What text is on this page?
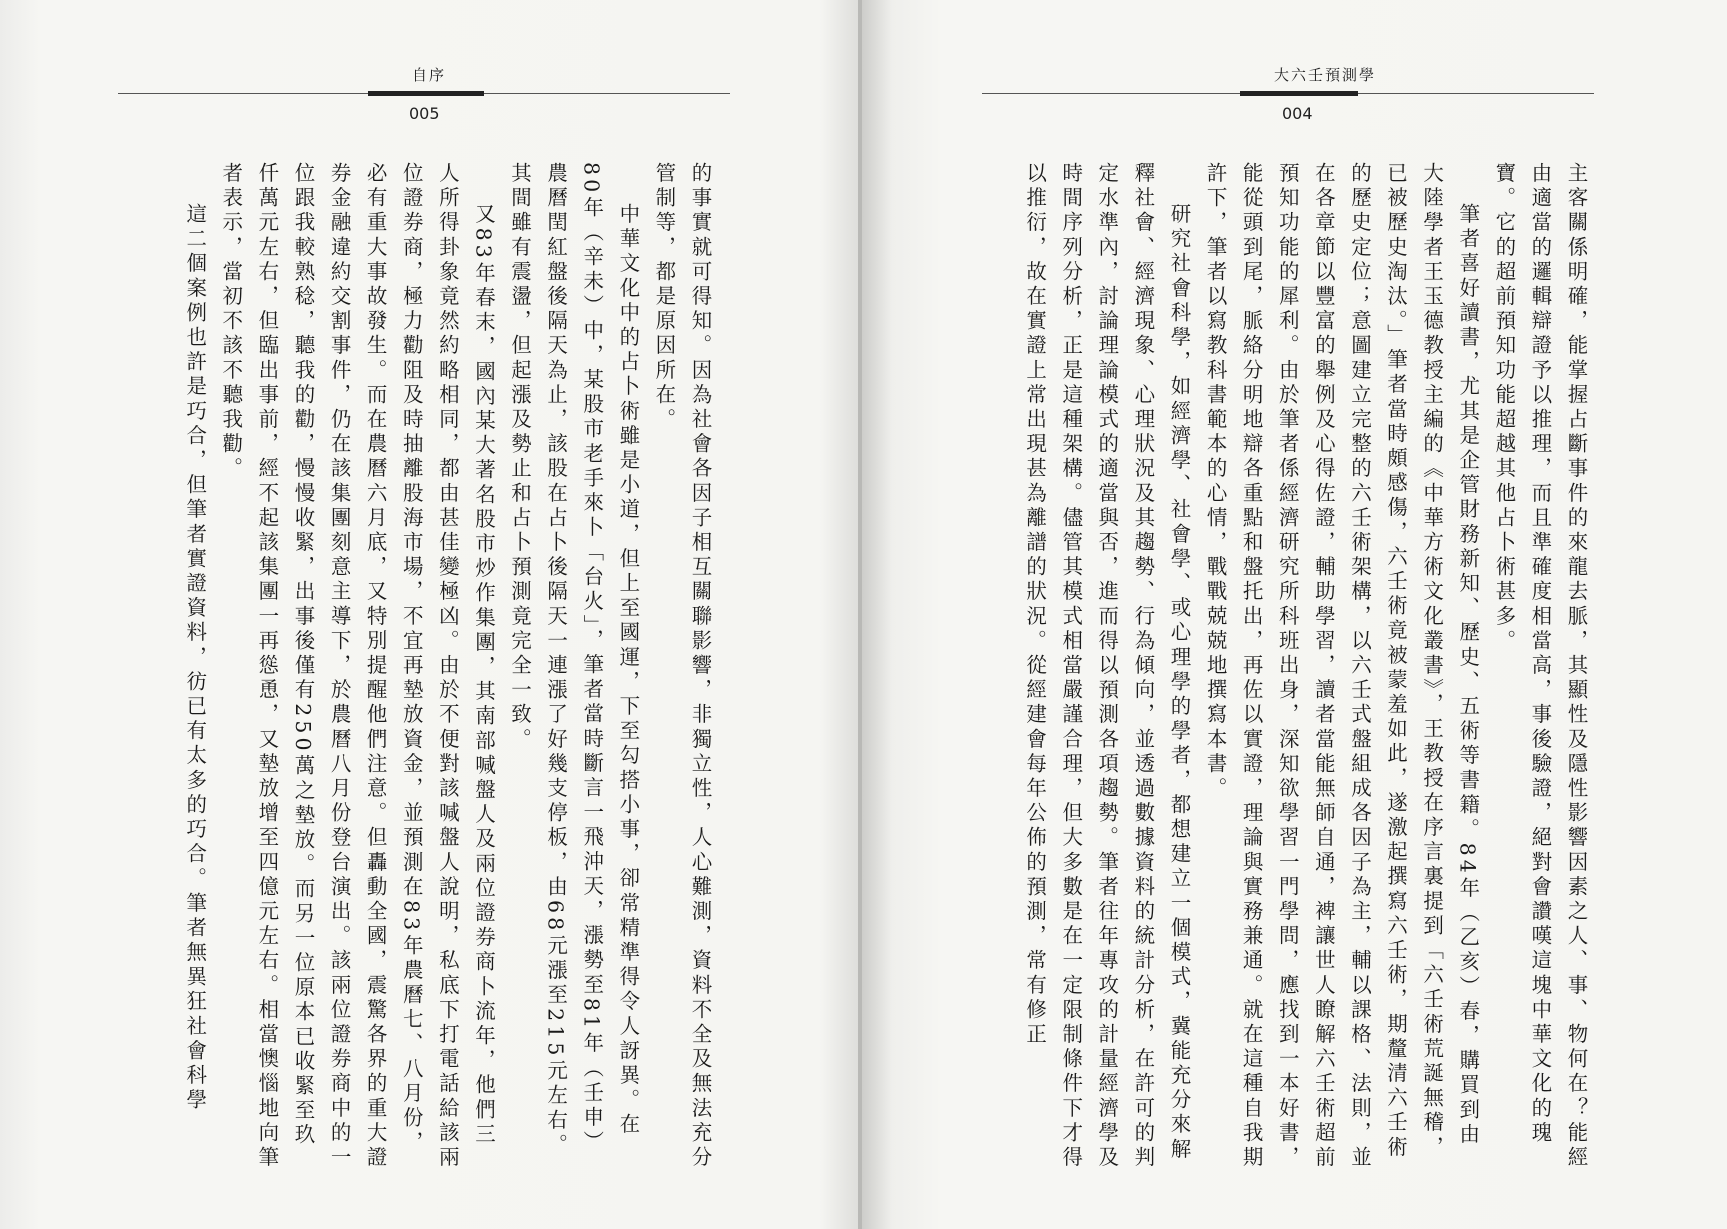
自序
005

的事實就可得知。因為社會各因子相互關聯影響，非獨立性，人心難測，資料不全及無法充分管制等，都是原因所在。

中華文化中的占卜術雖是小道，但上至國運，下至勾搭小事，卻常精準得令人訝異。在80年（辛未）中，某股市老手來卜「台火」，筆者當時斷言一飛沖天，漲勢至81年（壬申）農曆閏紅盤後隔天為止，該股在占卜後隔天一連漲了好幾支停板，由68元漲至215元左右。其間雖有震盪，但起漲及勢止和占卜預測竟完全一致。

又83年春末，國內某大著名股市炒作集團，其南部喊盤人及兩位證券商卜流年，他們三人所得卦象竟然約略相同，都由甚佳變極凶。由於不便對該喊盤人說明，私底下打電話給該兩位證券商，極力勸阻及時抽離股海市場，不宜再墊放資金，並預測在83年農曆七、八月份，必有重大事故發生。而在農曆六月底，又特別提醒他們注意。但轟動全國，震驚各界的重大證券金融違約交割事件，仍在該集團刻意主導下，於農曆八月份登台演出。該兩位證券商中的一位跟我較熟稔，聽我的勸，慢慢收緊，出事後僅有250萬之墊放。而另一位原本已收緊至玖仟萬元左右，但臨出事前，經不起該集團一再慫恿，又墊放增至四億元左右。相當懊惱地向筆者表示，當初不該不聽我勸。

這二個案例也許是巧合，但筆者實證資料，彷已有太多的巧合。筆者無異狂社會科學

大六壬預測學
004

主客關係明確，能掌握占斷事件的來龍去脈，其顯性及隱性影響因素之人、事、物何在？能經由適當的邏輯辯證予以推理，而且準確度相當高，事後驗證，絕對會讚嘆這塊中華文化的瑰寶。它的超前預知功能超越其他占卜術甚多。

筆者喜好讀書，尤其是企管財務新知、歷史、五術等書籍。84年（乙亥）春，購買到由大陸學者王玉德教授主編的《中華方術文化叢書》，王教授在序言裏提到「六壬術荒誕無稽，已被歷史淘汰。」筆者當時頗感傷，六壬術竟被蒙羞如此，遂激起撰寫六壬術，期釐清六壬術的歷史定位；意圖建立完整的六壬術架構，以六壬式盤組成各因子為主，輔以課格、法則，並在各章節以豐富的舉例及心得佐證，輔助學習，讀者當能無師自通，裨讓世人瞭解六壬術超前預知功能的犀利。由於筆者係經濟研究所科班出身，深知欲學習一門學問，應找到一本好書，能從頭到尾，脈絡分明地辯各重點和盤托出，再佐以實證，理論與實務兼通。就在這種自我期許下，筆者以寫教科書範本的心情，戰戰兢兢地撰寫本書。

研究社會科學，如經濟學、社會學、或心理學的學者，都想建立一個模式，冀能充分來解釋社會、經濟現象、心理狀況及其趨勢、行為傾向，並透過數據資料的統計分析，在許可的判定水準內，討論理論模式的適當與否，進而得以預測各項趨勢。筆者往年專攻的計量經濟學及時間序列分析，正是這種架構。儘管其模式相當嚴謹合理，但大多數是在一定限制條件下才得以推衍，故在實證上常出現甚為離譜的狀況。從經建會每年公佈的預測，常有修正
